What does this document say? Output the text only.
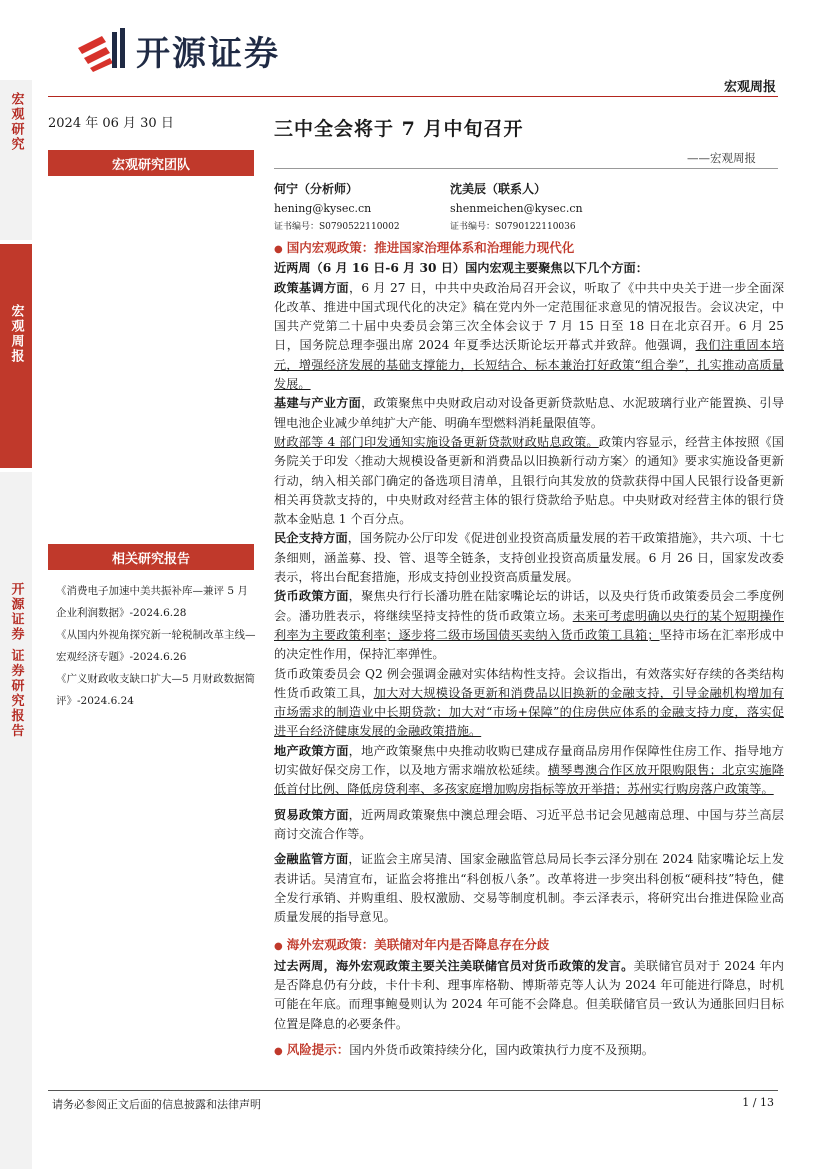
开源证券
宏观周报
宏观研究
宏观周报
开源证券 证券研究报告
2024 年 06 月 30 日
宏观研究团队
相关研究报告

《消费电子加速中美共振补库—兼评 5 月企业利润数据》-2024.6.28

《从国内外视角探究新一轮税制改革主线—宏观经济专题》-2024.6.26

《广义财政收支缺口扩大—5 月财政数据简评》-2024.6.24

三中全会将于 7 月中旬召开
——宏观周报
何宁（分析师）
hening@kysec.cn
证书编号：S0790522110002
沈美辰（联系人）
shenmeichen@kysec.cn
证书编号：S0790122110036

● 国内宏观政策：推进国家治理体系和治理能力现代化

近两周（6 月 16 日-6 月 30 日）国内宏观主要聚焦以下几个方面：

政策基调方面，6 月 27 日，中共中央政治局召开会议，听取了《中共中央关于进一步全面深化改革、推进中国式现代化的决定》稿在党内外一定范围征求意见的情况报告。会议决定，中国共产党第二十届中央委员会第三次全体会议于 7 月 15 日至 18 日在北京召开。6 月 25 日，国务院总理李强出席 2024 年夏季达沃斯论坛开幕式并致辞。他强调，我们注重固本培元，增强经济发展的基础支撑能力，长短结合、标本兼治打好政策“组合拳”，扎实推动高质量发展。

基建与产业方面，政策聚焦中央财政启动对设备更新贷款贴息、水泥玻璃行业产能置换、引导锂电池企业减少单纯扩大产能、明确车型燃料消耗量限值等。

财政部等 4 部门印发通知实施设备更新贷款财政贴息政策。政策内容显示，经营主体按照《国务院关于印发〈推动大规模设备更新和消费品以旧换新行动方案〉的通知》要求实施设备更新行动，纳入相关部门确定的备选项目清单，且银行向其发放的贷款获得中国人民银行设备更新相关再贷款支持的，中央财政对经营主体的银行贷款给予贴息。中央财政对经营主体的银行贷款本金贴息 1 个百分点。

民企支持方面，国务院办公厅印发《促进创业投资高质量发展的若干政策措施》，共六项、十七条细则，涵盖募、投、管、退等全链条，支持创业投资高质量发展。6 月 26 日，国家发改委表示，将出台配套措施，形成支持创业投资高质量发展。

货币政策方面，聚焦央行行长潘功胜在陆家嘴论坛的讲话，以及央行货币政策委员会二季度例会。潘功胜表示，将继续坚持支持性的货币政策立场。未来可考虑明确以央行的某个短期操作利率为主要政策利率；逐步将二级市场国债买卖纳入货币政策工具箱；坚持市场在汇率形成中的决定性作用，保持汇率弹性。

货币政策委员会 Q2 例会强调金融对实体结构性支持。会议指出，有效落实好存续的各类结构性货币政策工具，加大对大规模设备更新和消费品以旧换新的金融支持，引导金融机构增加有市场需求的制造业中长期贷款；加大对“市场+保障”的住房供应体系的金融支持力度，落实促进平台经济健康发展的金融政策措施。

地产政策方面，地产政策聚焦中央推动收购已建成存量商品房用作保障性住房工作、指导地方切实做好保交房工作，以及地方需求端放松延续。横琴粤澳合作区放开限购限售；北京实施降低首付比例、降低房贷利率、多孩家庭增加购房指标等放开举措；苏州实行购房落户政策等。

贸易政策方面，近两周政策聚焦中澳总理会晤、习近平总书记会见越南总理、中国与芬兰高层商讨交流合作等。

金融监管方面，证监会主席吴清、国家金融监管总局局长李云泽分别在 2024 陆家嘴论坛上发表讲话。吴清宣布，证监会将推出“科创板八条”。改革将进一步突出科创板“硬科技”特色，健全发行承销、并购重组、股权激励、交易等制度机制。李云泽表示，将研究出台推进保险业高质量发展的指导意见。

● 海外宏观政策：美联储对年内是否降息存在分歧

过去两周，海外宏观政策主要关注美联储官员对货币政策的发言。美联储官员对于 2024 年内是否降息仍有分歧，卡什卡利、理事库格勒、博斯蒂克等人认为 2024 年可能进行降息，时机可能在年底。而理事鲍曼则认为 2024 年可能不会降息。但美联储官员一致认为通胀回归目标位置是降息的必要条件。

● 风险提示：国内外货币政策持续分化，国内政策执行力度不及预期。

请务必参阅正文后面的信息披露和法律声明	1 / 13
